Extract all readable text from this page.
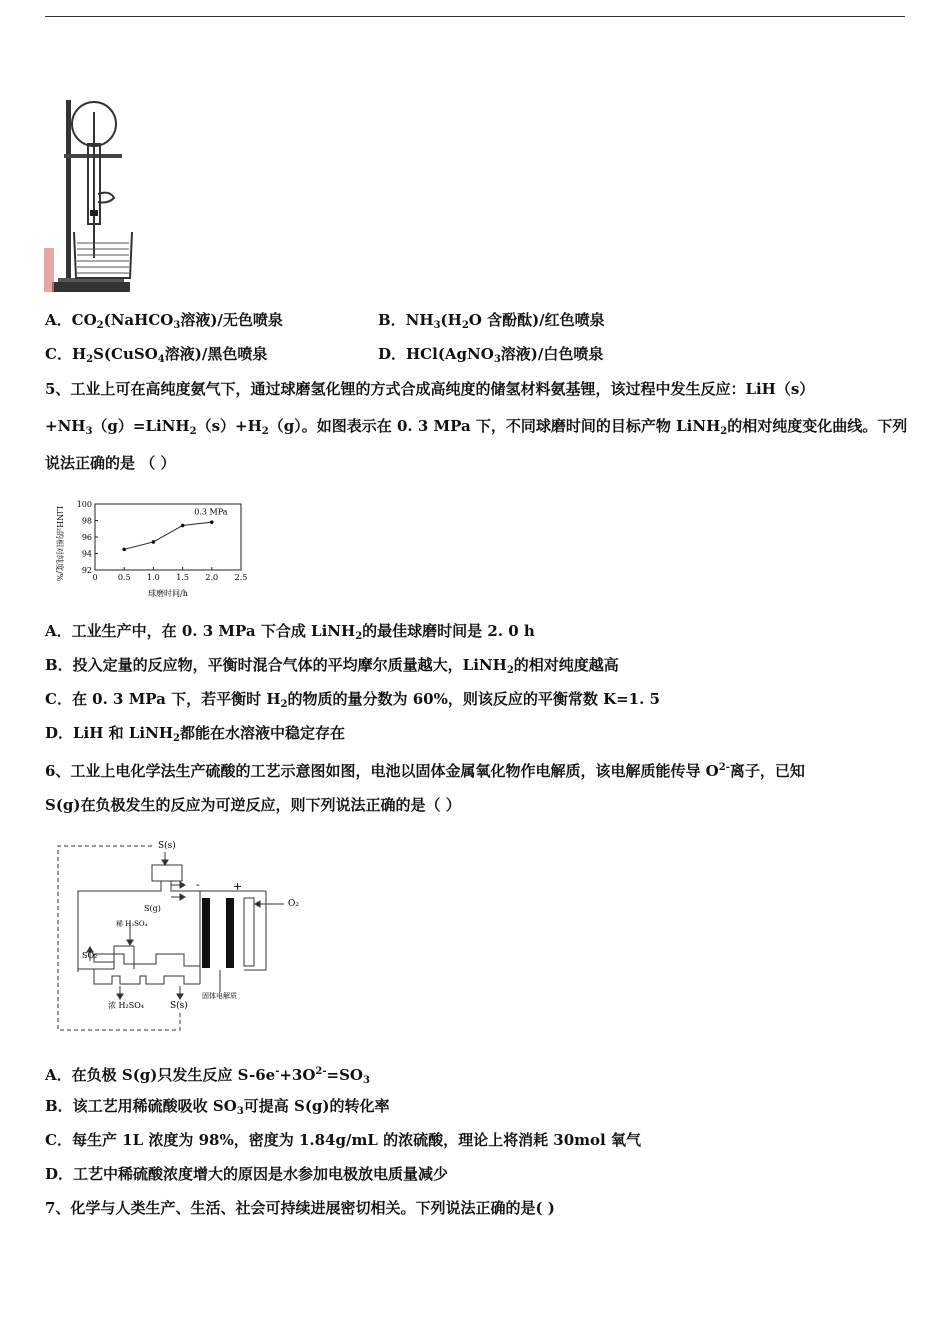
A．$CO_2(NaHCO_3$溶液)/无色喷泉	B．$NH_3(H_2O$ 含酚酞)/红色喷泉
C．$H_2S(CuSO_4$溶液)/黑色喷泉	D．HCl(AgNO$_3$溶液)/白色喷泉
5、工业上可在高纯度氨气下，通过球磨氢化锂的方式合成高纯度的储氢材料氨基锂，该过程中发生反应：LiH（s）
$+NH_3(g)=LiNH_2(s)+H_2(g)$。如图表示在 0. 3 MPa 下，不同球磨时间的目标产物 LiNH$_2$的相对纯度变化曲线。下列
说法正确的是 （ ）
LiNH₂的相对纯度/%	0	0.5 1.0 1.5 2.0 2.5
92
94
96
98
100
0.3 MPa
球磨时间/h
A．工业生产中，在 0. 3 MPa 下合成 LiNH$_2$的最佳球磨时间是 2. 0 h
B．投入定量的反应物，平衡时混合气体的平均摩尔质量越大，LiNH$_2$的相对纯度越高
C．在 0. 3 MPa 下，若平衡时 $H_2$的物质的量分数为 60%，则该反应的平衡常数 K=1. 5
D．LiH 和 LiNH$_2$都能在水溶液中稳定存在
6、工业上电化学法生产硫酸的工艺示意图如图，电池以固体金属氧化物作电解质，该电解质能传导 $O^{2-}$离子，已知
S(g)在负极发生的反应为可逆反应，则下列说法正确的是（ ）
S(s)
S(g)
稀 H₂SO₄
SO₂
浓 H₂SO₄	S(s)
固体电解质
O₂
-	+
A．在负极 S(g)只发生反应 $S-6e^-+3O^{2-}=SO_3$
B．该工艺用稀硫酸吸收 $SO_3$可提高 S(g)的转化率
C．每生产 1L 浓度为 98%，密度为 1.84g/mL 的浓硫酸，理论上将消耗 30mol 氧气
D．工艺中稀硫酸浓度增大的原因是水参加电极放电质量减少
7、化学与人类生产、生活、社会可持续进展密切相关。下列说法正确的是( )
